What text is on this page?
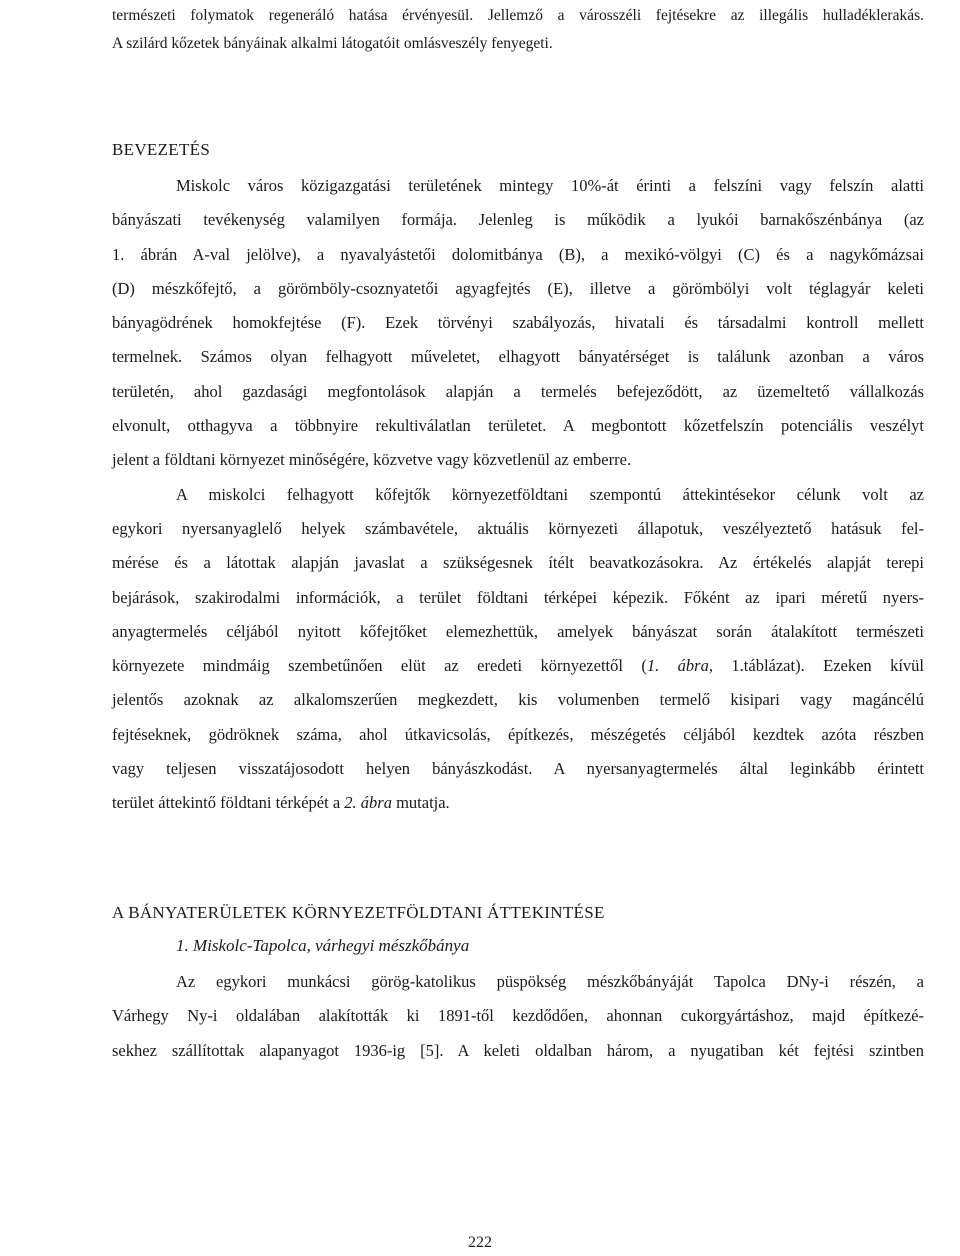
természeti folymatok regeneráló hatása érvényesül. Jellemző a városszéli fejtésekre az illegális hulladéklerakás.
A szilárd kőzetek bányáinak alkalmi látogatóit omlásveszély fenyegeti.
BEVEZETÉS
Miskolc város közigazgatási területének mintegy 10%-át érinti a felszíni vagy felszín alatti
bányászati tevékenység valamilyen formája. Jelenleg is működik a lyukói barnakőszénbánya (az
1. ábrán A-val jelölve), a nyavalyástetői dolomitbánya (B), a mexikó-völgyi (C) és a nagykőmázsai
(D) mészkőfejtő, a görömböly-csoznyatetői agyagfejtés (E), illetve a görömbölyi volt téglagyár keleti
bányagödrének homokfejtése (F). Ezek törvényi szabályozás, hivatali és társadalmi kontroll mellett
termelnek. Számos olyan felhagyott műveletet, elhagyott bányatérséget is találunk azonban a város
területén, ahol gazdasági megfontolások alapján a termelés befejeződött, az üzemeltető vállalkozás
elvonult, otthagyva a többnyire rekultiválatlan területet. A megbontott kőzetfelszín potenciális veszélyt
jelent a földtani környezet minőségére, közvetve vagy közvetlenül az emberre.
A miskolci felhagyott kőfejtők környezetföldtani szempontú áttekintésekor célunk volt az
egykori nyersanyaglelő helyek számbavétele, aktuális környezeti állapotuk, veszélyeztető hatásuk fel-
mérése és a látottak alapján javaslat a szükségesnek ítélt beavatkozásokra. Az értékelés alapját terepi
bejárások, szakirodalmi információk, a terület földtani térképei képezik. Főként az ipari méretű nyers-
anyagtermelés céljából nyitott kőfejtőket elemezhettük, amelyek bányászat során átalakított természeti
környezete mindmáig szembetűnően elüt az eredeti környezettől (1. ábra, 1.táblázat). Ezeken kívül
jelentős azoknak az alkalomszerűen megkezdett, kis volumenben termelő kisipari vagy magáncélú
fejtéseknek, gödröknek száma, ahol útkavicsolás, építkezés, mészégetés céljából kezdtek azóta részben
vagy teljesen visszatájosodott helyen bányászkodást. A nyersanyagtermelés által leginkább érintett
terület áttekintő földtani térképét a 2. ábra mutatja.
A BÁNYATERÜLETEK KÖRNYEZETFÖLDTANI ÁTTEKINTÉSE
1. Miskolc-Tapolca, várhegyi mészkőbánya
Az egykori munkácsi görög-katolikus püspökség mészkőbányáját Tapolca DNy-i részén, a
Várhegy Ny-i oldalában alakították ki 1891-től kezdődően, ahonnan cukorgyártáshoz, majd építkezé-
sekhez szállítottak alapanyagot 1936-ig [5]. A keleti oldalban három, a nyugatiban két fejtési szintben
222
